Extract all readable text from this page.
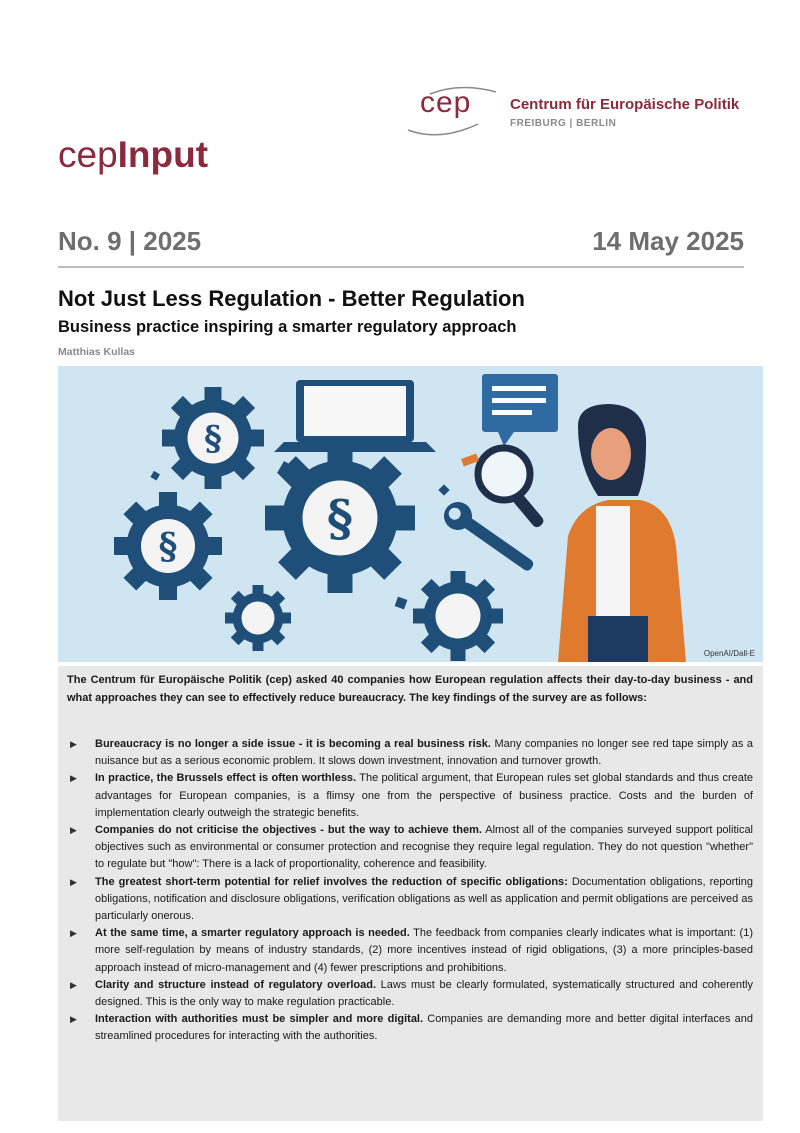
cep	Centrum für Europäische Politik
FREIBURG | BERLIN
cepInput
No. 9 | 2025	14 May 2025
Not Just Less Regulation - Better Regulation
Business practice inspiring a smarter regulatory approach
Matthias Kullas
§
§
§
OpenAI/Dall-E
The Centrum für Europäische Politik (cep) asked 40 companies how European regulation affects their day-to-day business - and what approaches they can see to effectively reduce bureaucracy. The key findings of the survey are as follows:
▶ Bureaucracy is no longer a side issue - it is becoming a real business risk. Many companies no longer see red tape simply as a nuisance but as a serious economic problem. It slows down investment, innovation and turnover growth.
▶ In practice, the Brussels effect is often worthless. The political argument, that European rules set global standards and thus create advantages for European companies, is a flimsy one from the perspective of business practice. Costs and the burden of implementation clearly outweigh the strategic benefits.
▶ Companies do not criticise the objectives - but the way to achieve them. Almost all of the companies surveyed support political objectives such as environmental or consumer protection and recognise they require legal regulation. They do not question "whether" to regulate but "how": There is a lack of proportionality, coherence and feasibility.
▶ The greatest short-term potential for relief involves the reduction of specific obligations: Documentation obligations, reporting obligations, notification and disclosure obligations, verification obligations as well as application and permit obligations are perceived as particularly onerous.
▶ At the same time, a smarter regulatory approach is needed. The feedback from companies clearly indicates what is important: (1) more self-regulation by means of industry standards, (2) more incentives instead of rigid obligations, (3) a more principles-based approach instead of micro-management and (4) fewer prescriptions and prohibitions.
▶ Clarity and structure instead of regulatory overload. Laws must be clearly formulated, systematically structured and coherently designed. This is the only way to make regulation practicable.
▶ Interaction with authorities must be simpler and more digital. Companies are demanding more and better digital interfaces and streamlined procedures for interacting with the authorities.
